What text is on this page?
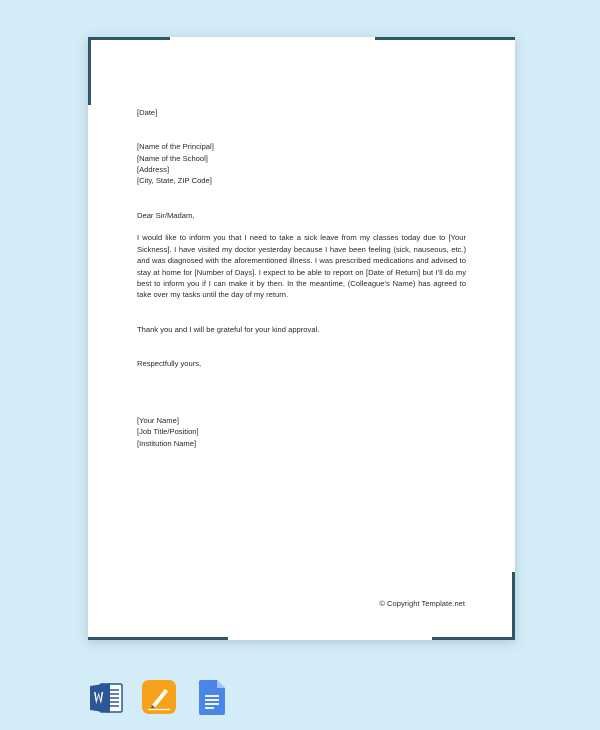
[Date]

[Name of the Principal]
[Name of the School]
[Address]
[City, State, ZIP Code]

Dear Sir/Madam,

I would like to inform you that I need to take a sick leave from my classes today due to [Your Sickness]. I have visited my doctor yesterday because I have been feeling (sick, nauseous, etc.) and was diagnosed with the aforementioned illness. I was prescribed medications and advised to stay at home for [Number of Days]. I expect to be able to report on [Date of Return] but I’ll do my best to inform you if I can make it by then. In the meantime, (Colleague’s Name) has agreed to take over my tasks until the day of my return.

Thank you and I will be grateful for your kind approval.

Respectfully yours,

[Your Name]
[Job Title/Position]
[Institution Name]

© Copyright Template.net
